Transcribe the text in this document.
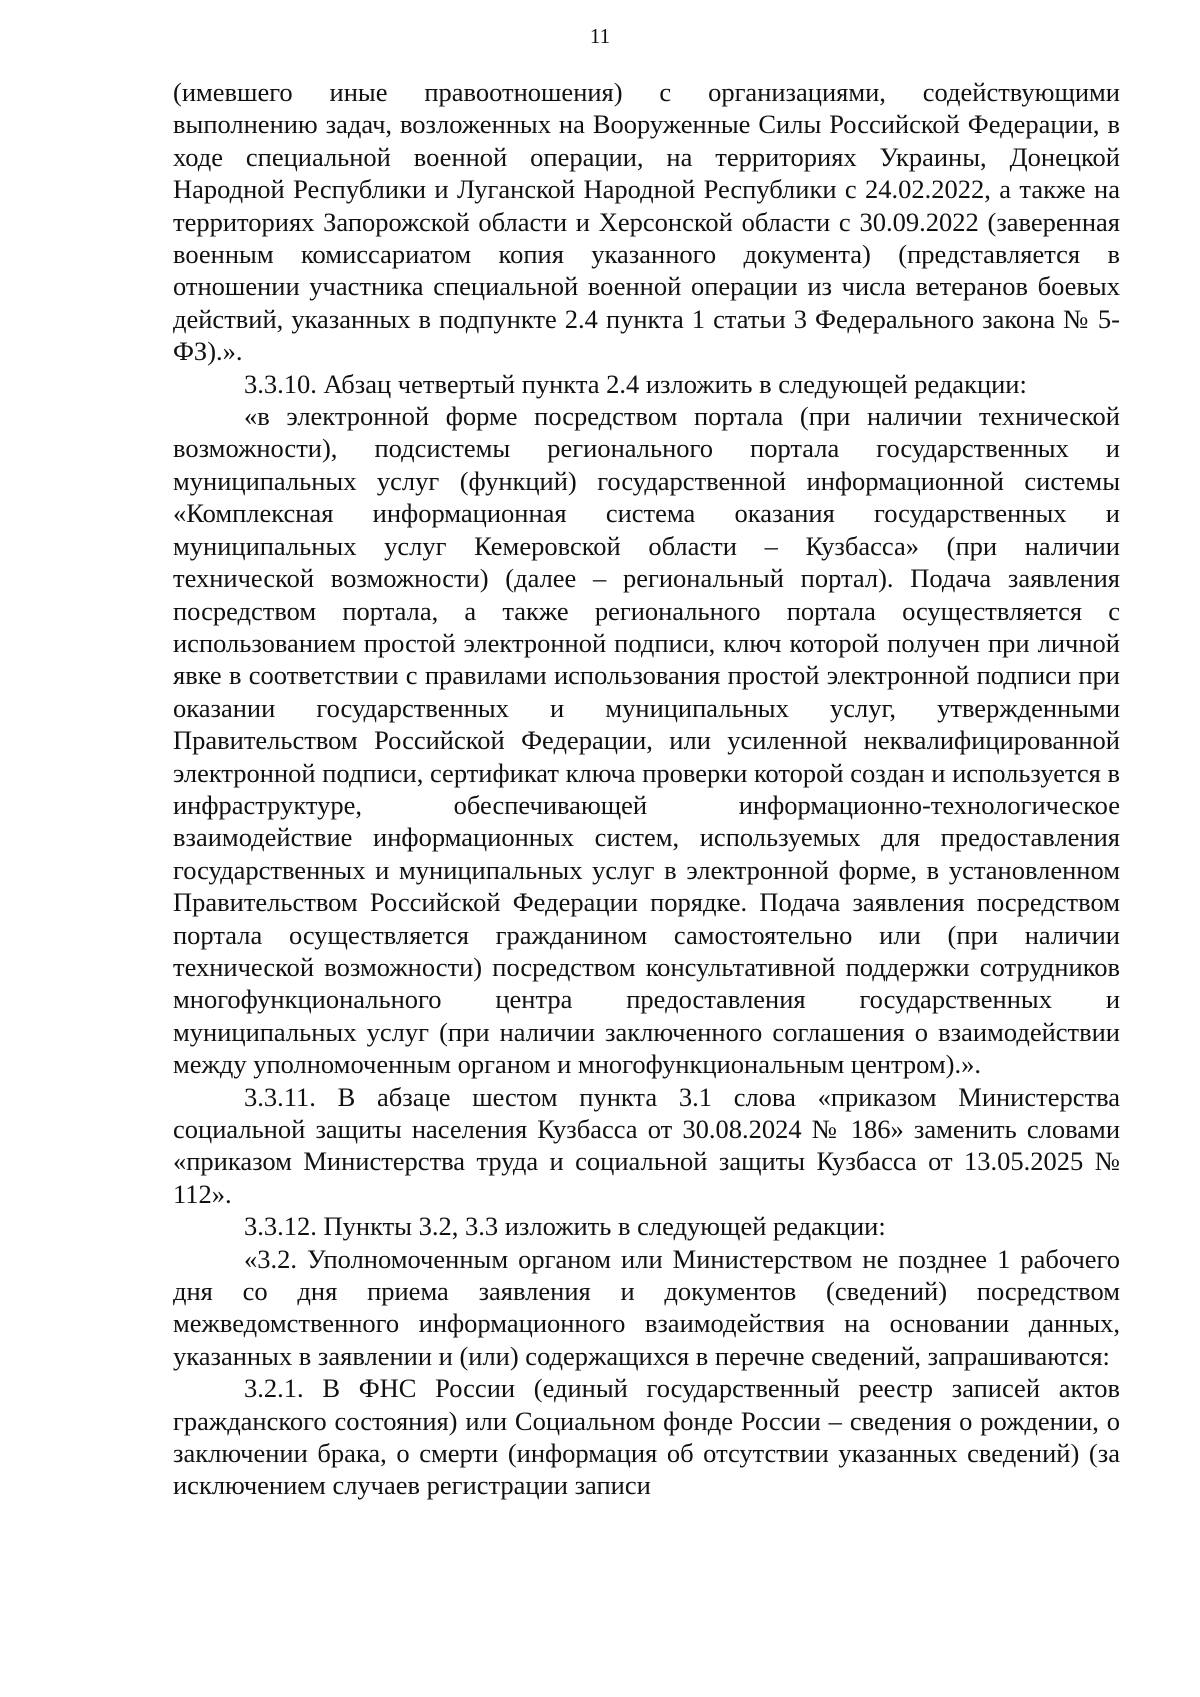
11

(имевшего иные правоотношения) с организациями, содействующими выполнению задач, возложенных на Вооруженные Силы Российской Федерации, в ходе специальной военной операции, на территориях Украины, Донецкой Народной Республики и Луганской Народной Республики с 24.02.2022, а также на территориях Запорожской области и Херсонской области с 30.09.2022 (заверенная военным комиссариатом копия указанного документа) (представляется в отношении участника специальной военной операции из числа ветеранов боевых действий, указанных в подпункте 2.4 пункта 1 статьи 3 Федерального закона № 5-ФЗ).».

3.3.10. Абзац четвертый пункта 2.4 изложить в следующей редакции:

«в электронной форме посредством портала (при наличии технической возможности), подсистемы регионального портала государственных и муниципальных услуг (функций) государственной информационной системы «Комплексная информационная система оказания государственных и муниципальных услуг Кемеровской области – Кузбасса» (при наличии технической возможности) (далее – региональный портал). Подача заявления посредством портала, а также регионального портала осуществляется с использованием простой электронной подписи, ключ которой получен при личной явке в соответствии с правилами использования простой электронной подписи при оказании государственных и муниципальных услуг, утвержденными Правительством Российской Федерации, или усиленной неквалифицированной электронной подписи, сертификат ключа проверки которой создан и используется в инфраструктуре, обеспечивающей информационно-технологическое взаимодействие информационных систем, используемых для предоставления государственных и муниципальных услуг в электронной форме, в установленном Правительством Российской Федерации порядке. Подача заявления посредством портала осуществляется гражданином самостоятельно или (при наличии технической возможности) посредством консультативной поддержки сотрудников многофункционального центра предоставления государственных и муниципальных услуг (при наличии заключенного соглашения о взаимодействии между уполномоченным органом и многофункциональным центром).».

3.3.11. В абзаце шестом пункта 3.1 слова «приказом Министерства социальной защиты населения Кузбасса от 30.08.2024 № 186» заменить словами «приказом Министерства труда и социальной защиты Кузбасса от 13.05.2025 № 112».

3.3.12. Пункты 3.2, 3.3 изложить в следующей редакции:

«3.2. Уполномоченным органом или Министерством не позднее 1 рабочего дня со дня приема заявления и документов (сведений) посредством межведомственного информационного взаимодействия на основании данных, указанных в заявлении и (или) содержащихся в перечне сведений, запрашиваются:

3.2.1. В ФНС России (единый государственный реестр записей актов гражданского состояния) или Социальном фонде России – сведения о рождении, о заключении брака, о смерти (информация об отсутствии указанных сведений) (за исключением случаев регистрации записи
